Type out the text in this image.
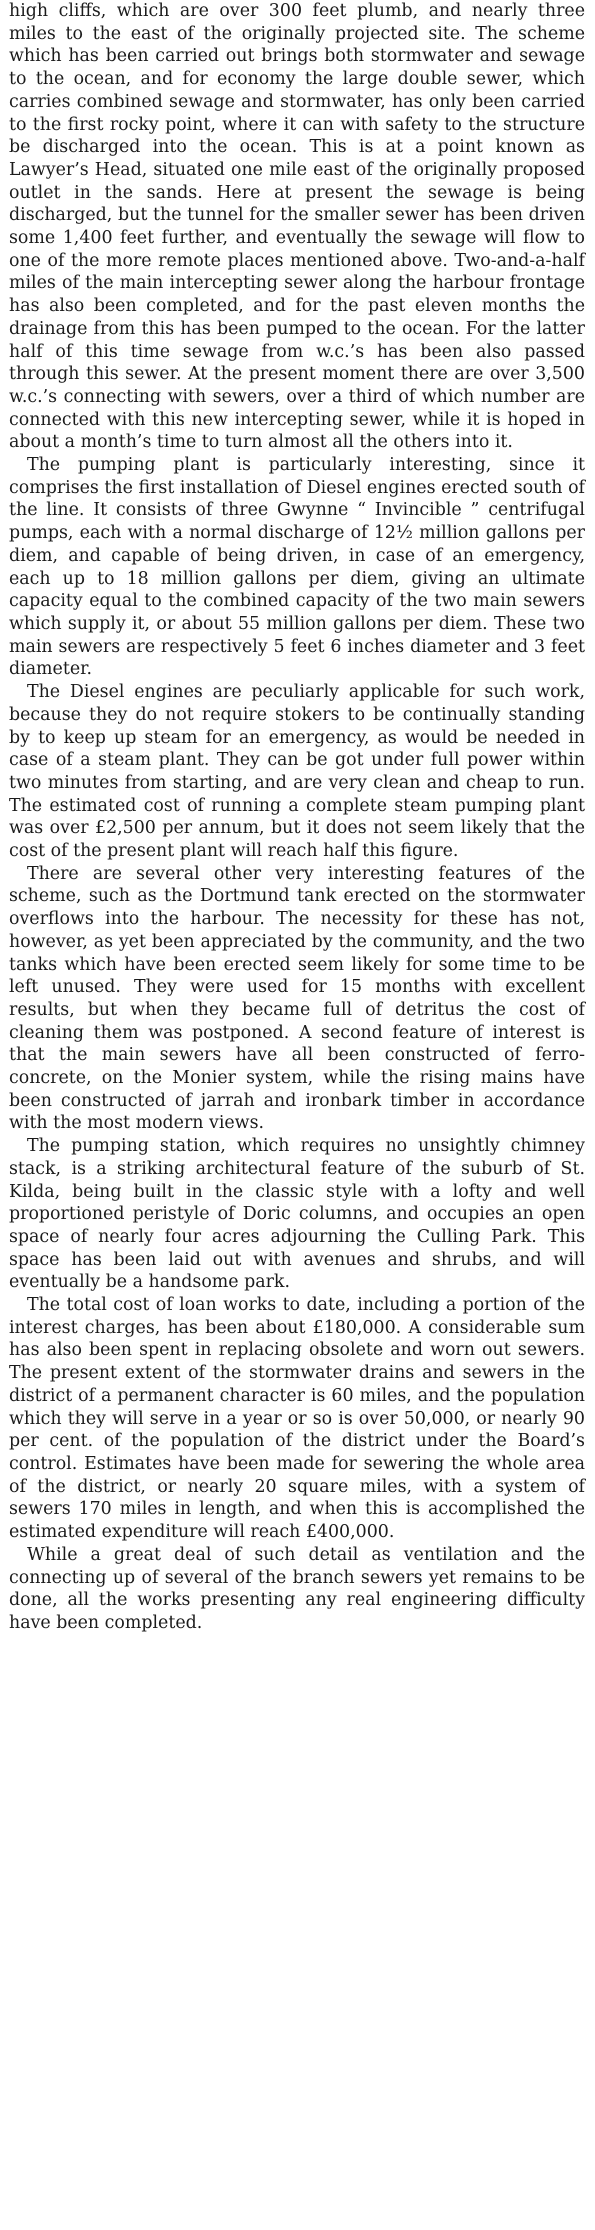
high cliffs, which are over 300 feet plumb, and nearly three miles to the east of the originally projected site. The scheme which has been carried out brings both stormwater and sewage to the ocean, and for economy the large double sewer, which carries combined sewage and stormwater, has only been carried to the first rocky point, where it can with safety to the structure be discharged into the ocean. This is at a point known as Lawyer’s Head, situated one mile east of the originally proposed outlet in the sands. Here at present the sewage is being discharged, but the tunnel for the smaller sewer has been driven some 1,400 feet further, and eventually the sewage will flow to one of the more remote places mentioned above. Two-and-a-half miles of the main intercepting sewer along the harbour frontage has also been completed, and for the past eleven months the drainage from this has been pumped to the ocean. For the latter half of this time sewage from w.c.’s has been also passed through this sewer. At the present moment there are over 3,500 w.c.’s connecting with sewers, over a third of which number are connected with this new intercepting sewer, while it is hoped in about a month’s time to turn almost all the others into it.

The pumping plant is particularly interesting, since it comprises the first installation of Diesel engines erected south of the line. It consists of three Gwynne “ Invincible ” centrifugal pumps, each with a normal discharge of 12½ million gallons per diem, and capable of being driven, in case of an emergency, each up to 18 million gallons per diem, giving an ultimate capacity equal to the combined capacity of the two main sewers which supply it, or about 55 million gallons per diem. These two main sewers are respectively 5 feet 6 inches diameter and 3 feet diameter.

The Diesel engines are peculiarly applicable for such work, because they do not require stokers to be continually standing by to keep up steam for an emergency, as would be needed in case of a steam plant. They can be got under full power within two minutes from starting, and are very clean and cheap to run. The estimated cost of running a complete steam pumping plant was over £2,500 per annum, but it does not seem likely that the cost of the present plant will reach half this figure.

There are several other very interesting features of the scheme, such as the Dortmund tank erected on the stormwater overflows into the harbour. The necessity for these has not, however, as yet been appreciated by the community, and the two tanks which have been erected seem likely for some time to be left unused. They were used for 15 months with excellent results, but when they became full of detritus the cost of cleaning them was postponed. A second feature of interest is that the main sewers have all been constructed of ferro-concrete, on the Monier system, while the rising mains have been constructed of jarrah and ironbark timber in accordance with the most modern views.

The pumping station, which requires no unsightly chimney stack, is a striking architectural feature of the suburb of St. Kilda, being built in the classic style with a lofty and well proportioned peristyle of Doric columns, and occupies an open space of nearly four acres adjourning the Culling Park. This space has been laid out with avenues and shrubs, and will eventually be a handsome park.

The total cost of loan works to date, including a portion of the interest charges, has been about £180,000. A considerable sum has also been spent in replacing obsolete and worn out sewers. The present extent of the stormwater drains and sewers in the district of a permanent character is 60 miles, and the population which they will serve in a year or so is over 50,000, or nearly 90 per cent. of the population of the district under the Board’s control. Estimates have been made for sewering the whole area of the district, or nearly 20 square miles, with a system of sewers 170 miles in length, and when this is accomplished the estimated expenditure will reach £400,000.

While a great deal of such detail as ventilation and the connecting up of several of the branch sewers yet remains to be done, all the works presenting any real engineering difficulty have been completed.
